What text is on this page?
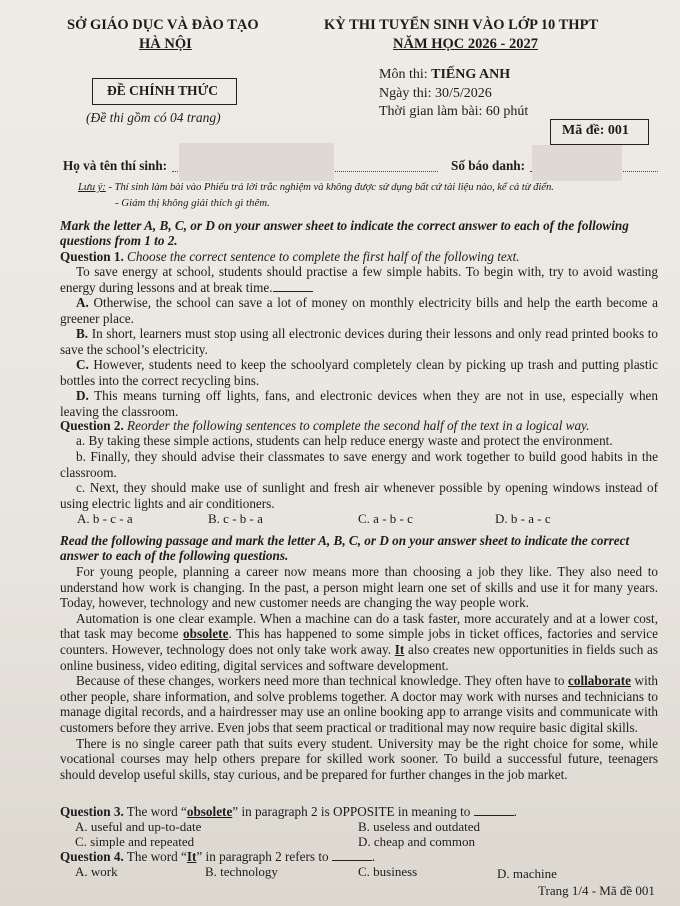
SỞ GIÁO DỤC VÀ ĐÀO TẠO
HÀ NỘI
KỲ THI TUYỂN SINH VÀO LỚP 10 THPT
NĂM HỌC 2026 - 2027
ĐỀ CHÍNH THỨC
(Đề thi gồm có 04 trang)
Môn thi: TIẾNG ANH
Ngày thi: 30/5/2026
Thời gian làm bài: 60 phút
Mã đề: 001
Họ và tên thí sinh:	Số báo danh:
Lưu ý: - Thí sinh làm bài vào Phiếu trả lời trắc nghiệm và không được sử dụng bất cứ tài liệu nào, kể cả từ điển.
- Giám thị không giải thích gì thêm.
Mark the letter A, B, C, or D on your answer sheet to indicate the correct answer to each of the following
questions from 1 to 2.
Question 1. Choose the correct sentence to complete the first half of the following text.

To save energy at school, students should practise a few simple habits. To begin with, try to avoid wasting energy during lessons and at break time.

A. Otherwise, the school can save a lot of money on monthly electricity bills and help the earth become a greener place.

B. In short, learners must stop using all electronic devices during their lessons and only read printed books to save the school’s electricity.

C. However, students need to keep the schoolyard completely clean by picking up trash and putting plastic bottles into the correct recycling bins.

D. This means turning off lights, fans, and electronic devices when they are not in use, especially when leaving the classroom.

Question 2. Reorder the following sentences to complete the second half of the text in a logical way.

a. By taking these simple actions, students can help reduce energy waste and protect the environment.

b. Finally, they should advise their classmates to save energy and work together to build good habits in the classroom.

c. Next, they should make use of sunlight and fresh air whenever possible by opening windows instead of using electric lights and air conditioners.

A. b - c - a	B. c - b - a	C. a - b - c	D. b - a - c
Read the following passage and mark the letter A, B, C, or D on your answer sheet to indicate the correct
answer to each of the following questions.

For young people, planning a career now means more than choosing a job they like. They also need to understand how work is changing. In the past, a person might learn one set of skills and use it for many years. Today, however, technology and new customer needs are changing the way people work.

Automation is one clear example. When a machine can do a task faster, more accurately and at a lower cost, that task may become obsolete. This has happened to some simple jobs in ticket offices, factories and service counters. However, technology does not only take work away. It also creates new opportunities in fields such as online business, video editing, digital services and software development.

Because of these changes, workers need more than technical knowledge. They often have to collaborate with other people, share information, and solve problems together. A doctor may work with nurses and technicians to manage digital records, and a hairdresser may use an online booking app to arrange visits and communicate with customers before they arrive. Even jobs that seem practical or traditional may now require basic digital skills.

There is no single career path that suits every student. University may be the right choice for some, while vocational courses may help others prepare for skilled work sooner. To build a successful future, teenagers should develop useful skills, stay curious, and be prepared for further changes in the job market.

Question 3. The word “obsolete” in paragraph 2 is OPPOSITE in meaning to	.
A. useful and up-to-date	B. useless and outdated
C. simple and repeated	D. cheap and common
Question 4. The word “It” in paragraph 2 refers to	.
A. work	B. technology	C. business	D. machine
Trang 1/4 - Mã đề 001
